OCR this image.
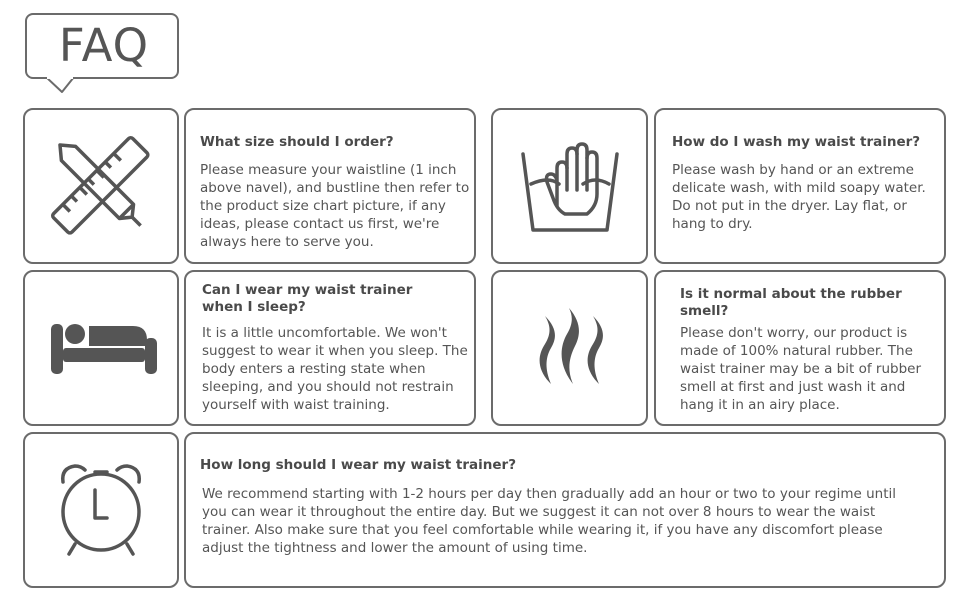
FAQ
What size should I order?
Please measure your waistline (1 inch above navel), and bustline then refer to the product size chart picture, if any ideas, please contact us first, we're always here to serve you.
How do I wash my waist trainer?
Please wash by hand or an extreme delicate wash, with mild soapy water. Do not put in the dryer. Lay flat, or hang to dry.
Can I wear my waist trainer when I sleep?
It is a little uncomfortable. We won't suggest to wear it when you sleep. The body enters a resting state when sleeping, and you should not restrain yourself with waist training.
Is it normal about the rubber smell?
Please don't worry, our product is made of 100% natural rubber. The waist trainer may be a bit of rubber smell at first and just wash it and hang it in an airy place.
How long should I wear my waist trainer?
We recommend starting with 1-2 hours per day then gradually add an hour or two to your regime until you can wear it throughout the entire day. But we suggest it can not over 8 hours to wear the waist trainer. Also make sure that you feel comfortable while wearing it, if you have any discomfort please adjust the tightness and lower the amount of using time.
